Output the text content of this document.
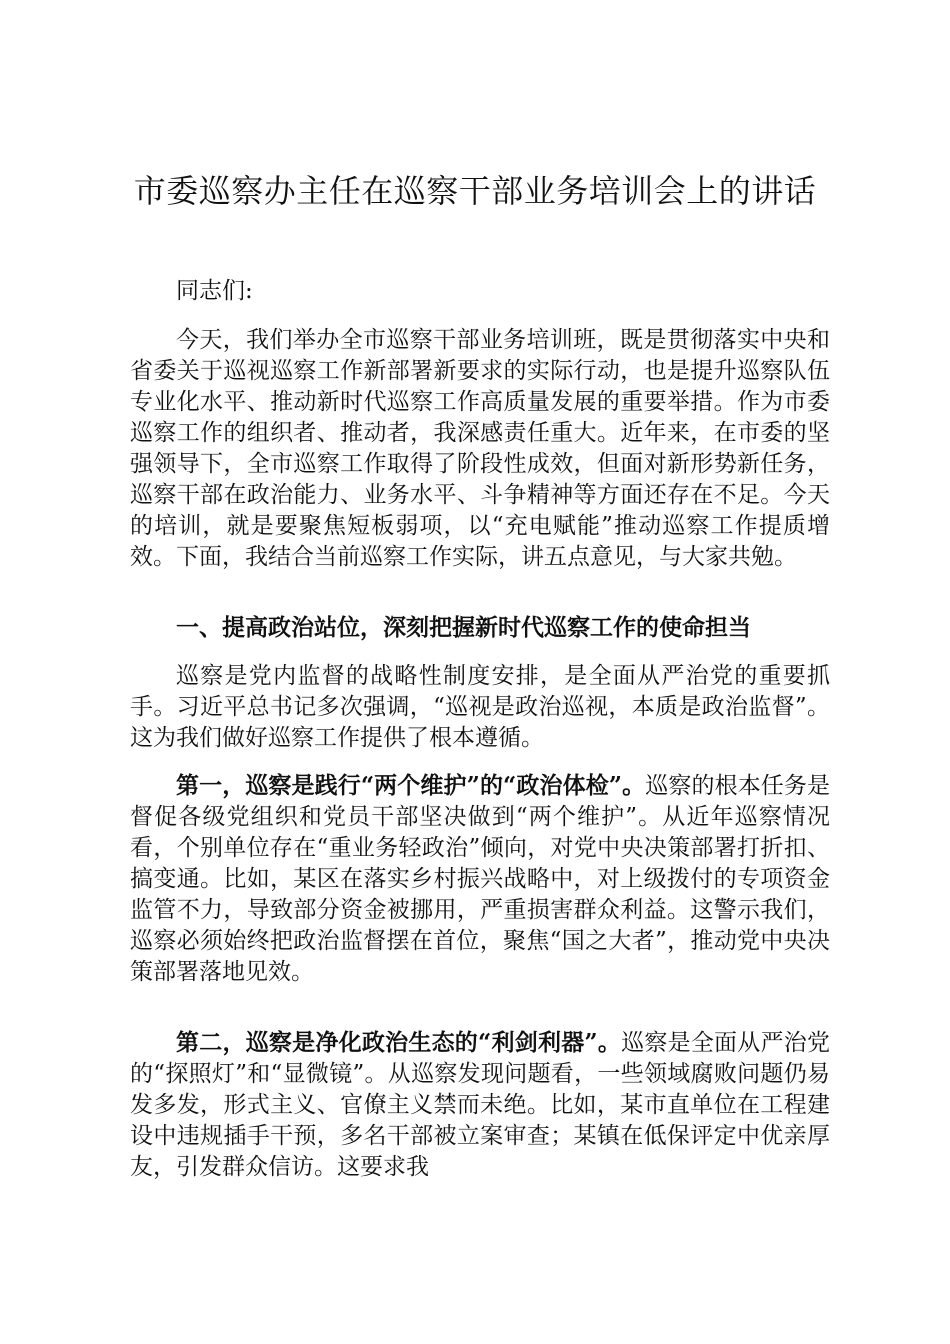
市委巡察办主任在巡察干部业务培训会上的讲话

同志们:

今天，我们举办全市巡察干部业务培训班，既是贯彻落实中央和省委关于巡视巡察工作新部署新要求的实际行动，也是提升巡察队伍专业化水平、推动新时代巡察工作高质量发展的重要举措。作为市委巡察工作的组织者、推动者，我深感责任重大。近年来，在市委的坚强领导下，全市巡察工作取得了阶段性成效，但面对新形势新任务，巡察干部在政治能力、业务水平、斗争精神等方面还存在不足。今天的培训，就是要聚焦短板弱项，以“充电赋能”推动巡察工作提质增效。下面，我结合当前巡察工作实际，讲五点意见，与大家共勉。

一、提高政治站位，深刻把握新时代巡察工作的使命担当

巡察是党内监督的战略性制度安排，是全面从严治党的重要抓手。习近平总书记多次强调，“巡视是政治巡视，本质是政治监督”。这为我们做好巡察工作提供了根本遵循。

第一，巡察是践行“两个维护”的“政治体检”。巡察的根本任务是督促各级党组织和党员干部坚决做到“两个维护”。从近年巡察情况看，个别单位存在“重业务轻政治”倾向，对党中央决策部署打折扣、搞变通。比如，某区在落实乡村振兴战略中，对上级拨付的专项资金监管不力，导致部分资金被挪用，严重损害群众利益。这警示我们，巡察必须始终把政治监督摆在首位，聚焦“国之大者”，推动党中央决策部署落地见效。

第二，巡察是净化政治生态的“利剑利器”。巡察是全面从严治党的“探照灯”和“显微镜”。从巡察发现问题看，一些领域腐败问题仍易发多发，形式主义、官僚主义禁而未绝。比如，某市直单位在工程建设中违规插手干预，多名干部被立案审查；某镇在低保评定中优亲厚友，引发群众信访。这要求我
